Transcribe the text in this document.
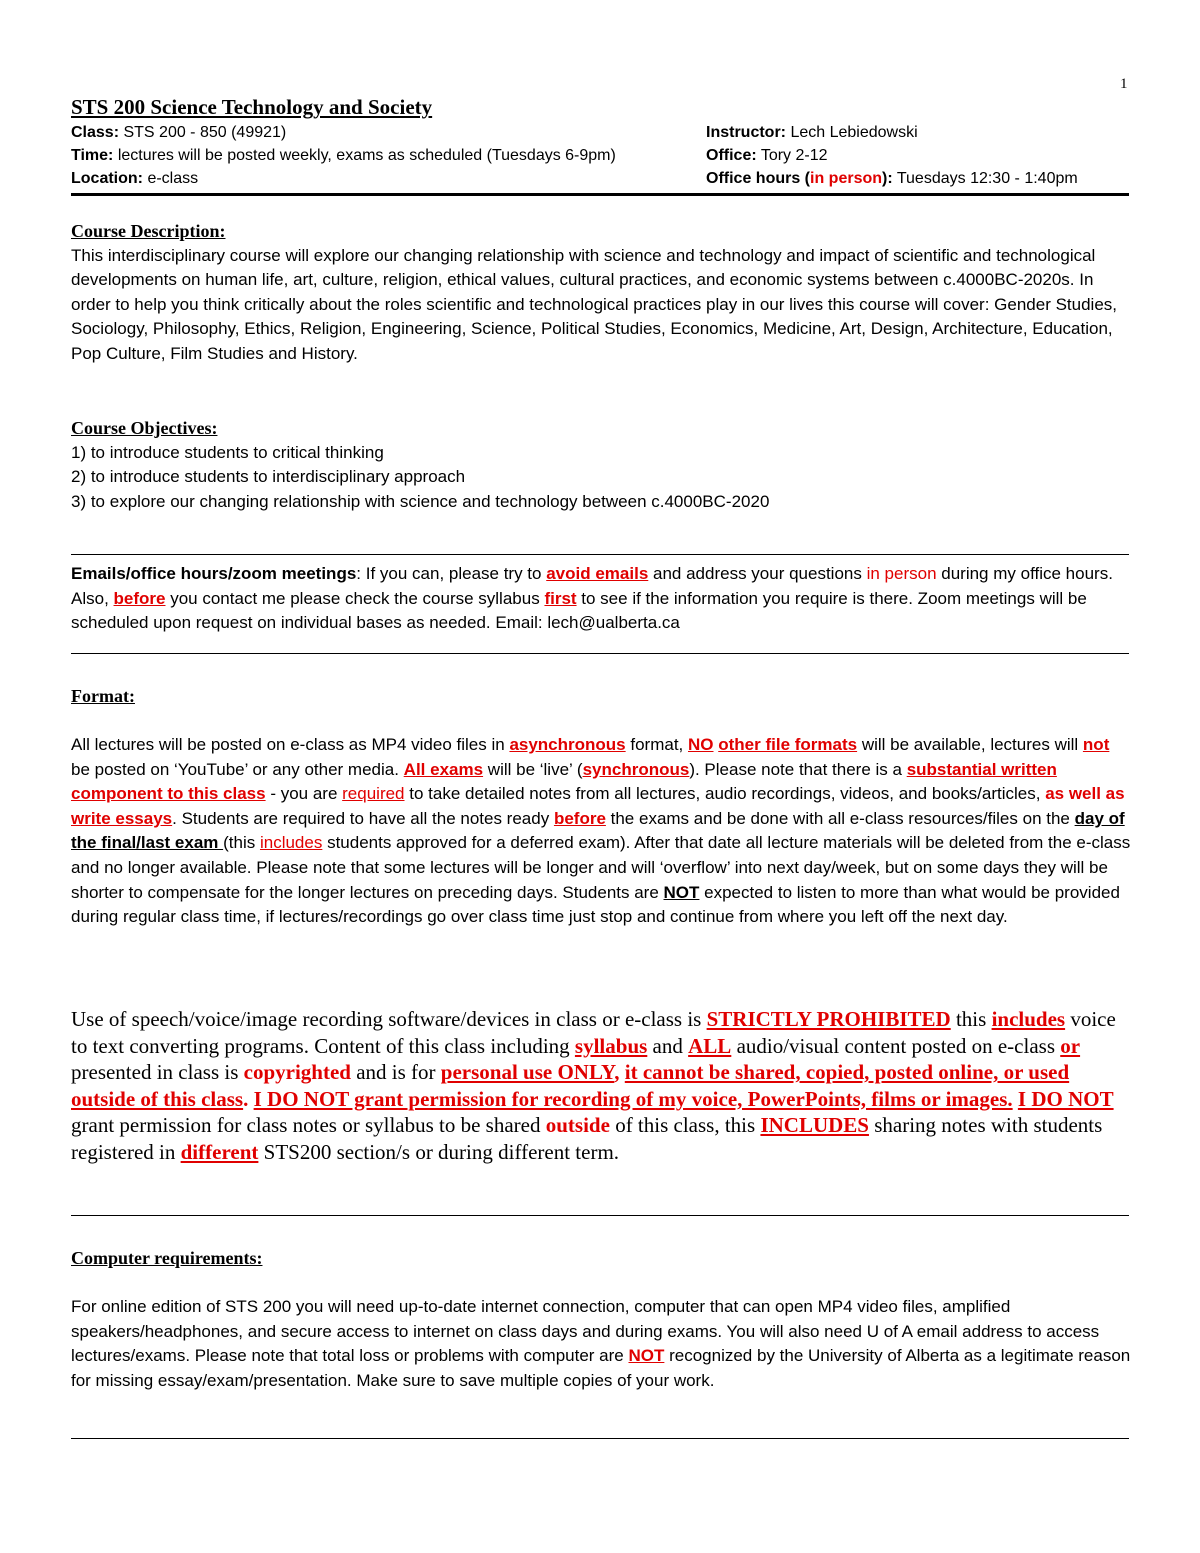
1
STS 200 Science Technology and Society
Class: STS 200 - 850 (49921)
Time: lectures will be posted weekly, exams as scheduled (Tuesdays 6-9pm)
Location: e-class
Instructor: Lech Lebiedowski
Office: Tory 2-12
Office hours (in person): Tuesdays 12:30 - 1:40pm
Course Description:
This interdisciplinary course will explore our changing relationship with science and technology and impact of scientific and technological developments on human life, art, culture, religion, ethical values, cultural practices, and economic systems between c.4000BC-2020s. In order to help you think critically about the roles scientific and technological practices play in our lives this course will cover: Gender Studies, Sociology, Philosophy, Ethics, Religion, Engineering, Science, Political Studies, Economics, Medicine, Art, Design, Architecture, Education, Pop Culture, Film Studies and History.
Course Objectives:
1) to introduce students to critical thinking
2) to introduce students to interdisciplinary approach
3) to explore our changing relationship with science and technology between c.4000BC-2020
Emails/office hours/zoom meetings: If you can, please try to avoid emails and address your questions in person during my office hours. Also, before you contact me please check the course syllabus first to see if the information you require is there. Zoom meetings will be scheduled upon request on individual bases as needed. Email: lech@ualberta.ca
Format:
All lectures will be posted on e-class as MP4 video files in asynchronous format, NO other file formats will be available, lectures will not be posted on ‘YouTube’ or any other media. All exams will be ‘live’ (synchronous). Please note that there is a substantial written component to this class - you are required to take detailed notes from all lectures, audio recordings, videos, and books/articles, as well as write essays. Students are required to have all the notes ready before the exams and be done with all e-class resources/files on the day of the final/last exam (this includes students approved for a deferred exam). After that date all lecture materials will be deleted from the e-class and no longer available. Please note that some lectures will be longer and will ‘overflow’ into next day/week, but on some days they will be shorter to compensate for the longer lectures on preceding days. Students are NOT expected to listen to more than what would be provided during regular class time, if lectures/recordings go over class time just stop and continue from where you left off the next day.
Use of speech/voice/image recording software/devices in class or e-class is STRICTLY PROHIBITED this includes voice to text converting programs. Content of this class including syllabus and ALL audio/visual content posted on e-class or presented in class is copyrighted and is for personal use ONLY, it cannot be shared, copied, posted online, or used outside of this class. I DO NOT grant permission for recording of my voice, PowerPoints, films or images. I DO NOT grant permission for class notes or syllabus to be shared outside of this class, this INCLUDES sharing notes with students registered in different STS200 section/s or during different term.
Computer requirements:
For online edition of STS 200 you will need up-to-date internet connection, computer that can open MP4 video files, amplified speakers/headphones, and secure access to internet on class days and during exams. You will also need U of A email address to access lectures/exams. Please note that total loss or problems with computer are NOT recognized by the University of Alberta as a legitimate reason for missing essay/exam/presentation. Make sure to save multiple copies of your work.
